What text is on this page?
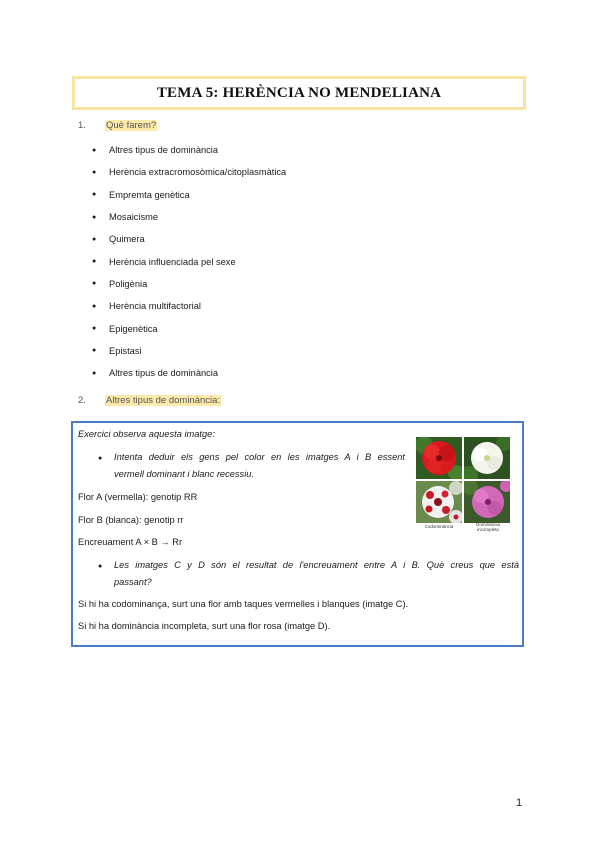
TEMA 5: HERÈNCIA NO MENDELIANA
1.	Què farem?
●	Altres tipus de dominància
●	Herència extracromosòmica/citoplasmàtica
●	Empremta genètica
●	Mosaicisme
●	Quimera
●	Herència influenciada pel sexe
●	Poligènia
●	Herència multifactorial
●	Epigenètica
●	Epistasi
●	Altres tipus de dominància
2.	Altres tipus de dominància:
Exercici observa aquesta imatge:
● Intenta deduir els gens pel color en les imatges A i B essent
vermell dominant i blanc recessiu.
Flor A (vermella): genotip RR
Flor B (blanca): genotip rr
Encreuament A × B → Rr
● Les imatges C y D són el resultat de l'encreuament entre A i B. Què creus que està
passant?
Si hi ha codominança, surt una flor amb taques vermelles i blanques (imatge C).
Si hi ha dominància incompleta, surt una flor rosa (imatge D).
Codominància	Dominància incompleta
1
